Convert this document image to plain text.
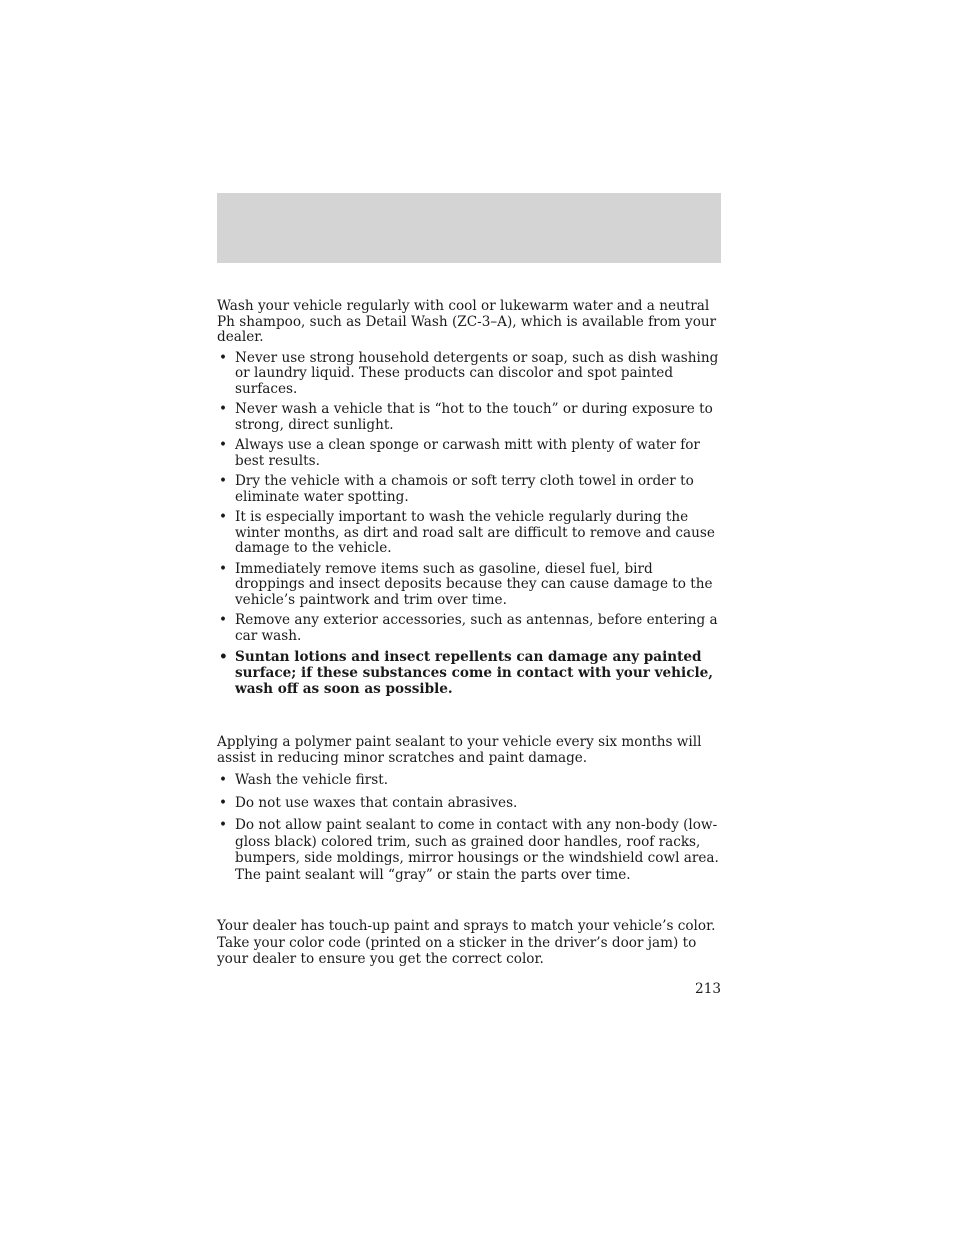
Wash your vehicle regularly with cool or lukewarm water and a neutral Ph shampoo, such as Detail Wash (ZC-3–A), which is available from your dealer.

• Never use strong household detergents or soap, such as dish washing or laundry liquid. These products can discolor and spot painted surfaces.
• Never wash a vehicle that is “hot to the touch” or during exposure to strong, direct sunlight.
• Always use a clean sponge or carwash mitt with plenty of water for best results.
• Dry the vehicle with a chamois or soft terry cloth towel in order to eliminate water spotting.
• It is especially important to wash the vehicle regularly during the winter months, as dirt and road salt are difficult to remove and cause damage to the vehicle.
• Immediately remove items such as gasoline, diesel fuel, bird droppings and insect deposits because they can cause damage to the vehicle’s paintwork and trim over time.
• Remove any exterior accessories, such as antennas, before entering a car wash.
• Suntan lotions and insect repellents can damage any painted surface; if these substances come in contact with your vehicle, wash off as soon as possible.

Applying a polymer paint sealant to your vehicle every six months will assist in reducing minor scratches and paint damage.

• Wash the vehicle first.
• Do not use waxes that contain abrasives.
• Do not allow paint sealant to come in contact with any non-body (low-gloss black) colored trim, such as grained door handles, roof racks, bumpers, side moldings, mirror housings or the windshield cowl area. The paint sealant will “gray” or stain the parts over time.

Your dealer has touch-up paint and sprays to match your vehicle’s color. Take your color code (printed on a sticker in the driver’s door jam) to your dealer to ensure you get the correct color.

213
